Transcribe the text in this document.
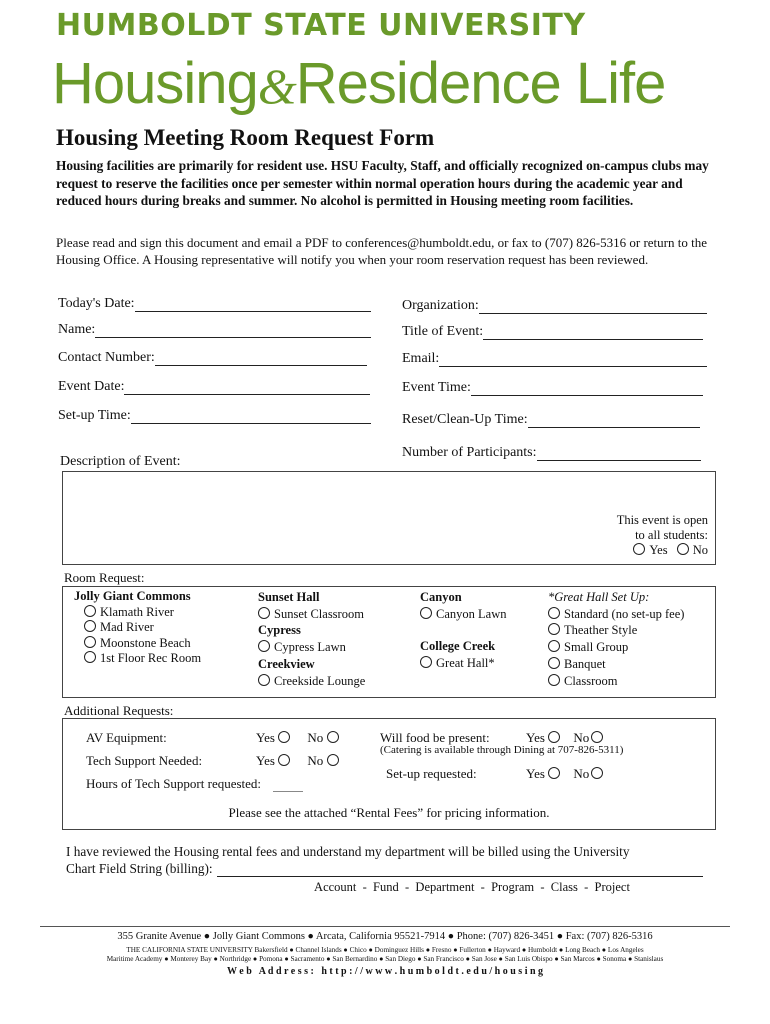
HUMBOLDT STATE UNIVERSITY
Housing&Residence Life
Housing Meeting Room Request Form
Housing facilities are primarily for resident use. HSU Faculty, Staff, and officially recognized on-campus clubs may request to reserve the facilities once per semester within normal operation hours during the academic year and reduced hours during breaks and summer. No alcohol is permitted in Housing meeting room facilities.
Please read and sign this document and email a PDF to conferences@humboldt.edu, or fax to (707) 826-5316 or return to the Housing Office. A Housing representative will notify you when your room reservation request has been reviewed.
Today's Date:
Name:
Contact Number:
Event Date:
Set-up Time:
Organization:
Title of Event:
Email:
Event Time:
Reset/Clean-Up Time:
Number of Participants:
Description of Event:
This event is open
to all students:
Yes No
Room Request:
Jolly Giant Commons
Klamath River
Mad River
Moonstone Beach
1st Floor Rec Room
Sunset Hall
Sunset Classroom
Cypress
Cypress Lawn
Creekview
Creekside Lounge
Canyon
Canyon Lawn
College Creek
Great Hall*
*Great Hall Set Up:
Standard (no set-up fee)
Theather Style
Small Group
Banquet
Classroom
Additional Requests:
AV Equipment:	Yes	No
Tech Support Needed:	Yes	No
Hours of Tech Support requested:
Will food be present:	Yes No
(Catering is available through Dining at 707-826-5311)
Set-up requested:	Yes No
Please see the attached “Rental Fees” for pricing information.
I have reviewed the Housing rental fees and understand my department will be billed using the University
Chart Field String (billing):
Account  -  Fund  -  Department  -  Program  -  Class  -  Project
355 Granite Avenue ● Jolly Giant Commons ● Arcata, California 95521-7914 ● Phone: (707) 826-3451 ● Fax: (707) 826-5316
THE CALIFORNIA STATE UNIVERSITY Bakersfield ● Channel Islands ● Chico ● Dominguez Hills ● Fresno ● Fullerton ● Hayward ● Humboldt ● Long Beach ● Los Angeles
Maritime Academy ● Monterey Bay ● Northridge ● Pomona ● Sacramento ● San Bernardino ● San Diego ● San Francisco ● San Jose ● San Luis Obispo ● San Marcos ● Sonoma ● Stanislaus
W e b   A d d r e s s :   h t t p : / / w w w . h u m b o l d t . e d u / h o u s i n g
